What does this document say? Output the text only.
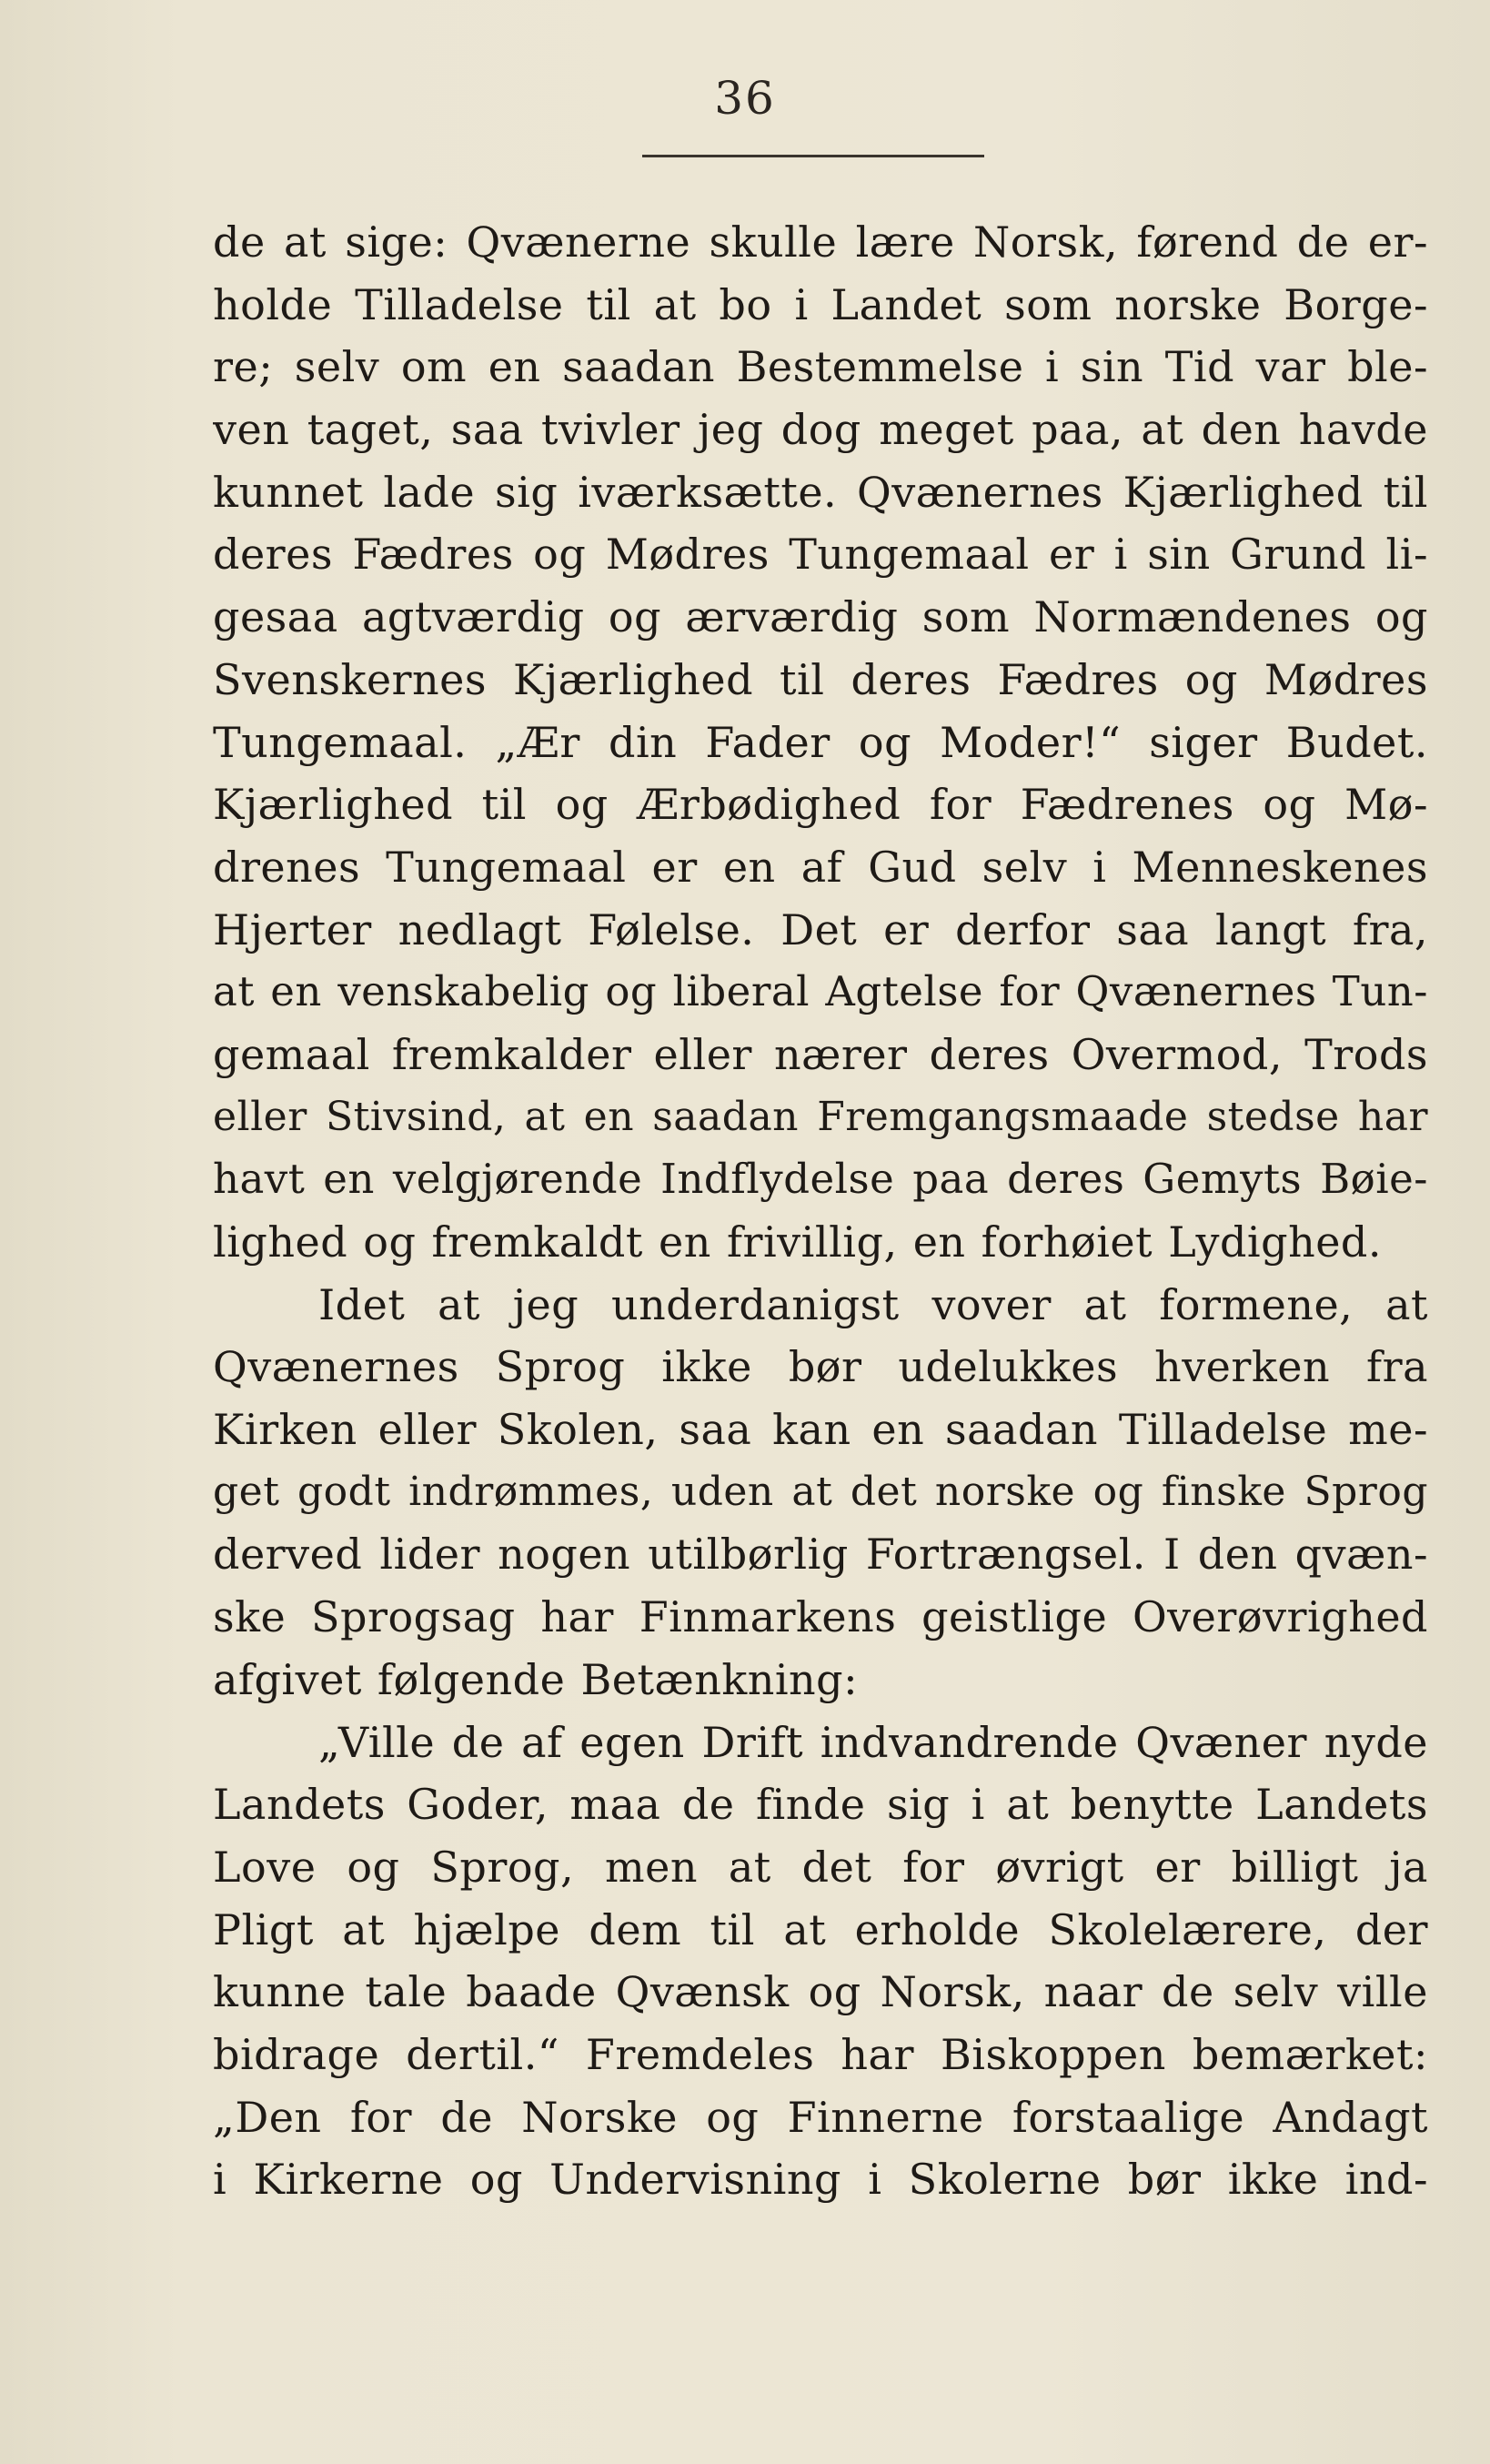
36
de at sige: Qvænerne skulle lære Norsk, førend de er-
holde Tilladelse til at bo i Landet som norske Borge-
re; selv om en saadan Bestemmelse i sin Tid var ble-
ven taget, saa tvivler jeg dog meget paa, at den havde
kunnet lade sig iværksætte. Qvænernes Kjærlighed til
deres Fædres og Mødres Tungemaal er i sin Grund li-
gesaa agtværdig og ærværdig som Normændenes og
Svenskernes Kjærlighed til deres Fædres og Mødres
Tungemaal. „Ær din Fader og Moder!“ siger Budet.
Kjærlighed til og Ærbødighed for Fædrenes og Mø-
drenes Tungemaal er en af Gud selv i Menneskenes
Hjerter nedlagt Følelse. Det er derfor saa langt fra,
at en venskabelig og liberal Agtelse for Qvænernes Tun-
gemaal fremkalder eller nærer deres Overmod, Trods
eller Stivsind, at en saadan Fremgangsmaade stedse har
havt en velgjørende Indflydelse paa deres Gemyts Bøie-
lighed og fremkaldt en frivillig, en forhøiet Lydighed.
Idet at jeg underdanigst vover at formene, at
Qvænernes Sprog ikke bør udelukkes hverken fra
Kirken eller Skolen, saa kan en saadan Tilladelse me-
get godt indrømmes, uden at det norske og finske Sprog
derved lider nogen utilbørlig Fortrængsel. I den qvæn-
ske Sprogsag har Finmarkens geistlige Overøvrighed
afgivet følgende Betænkning:
„Ville de af egen Drift indvandrende Qvæner nyde
Landets Goder, maa de finde sig i at benytte Landets
Love og Sprog, men at det for øvrigt er billigt ja
Pligt at hjælpe dem til at erholde Skolelærere, der
kunne tale baade Qvænsk og Norsk, naar de selv ville
bidrage dertil.“ Fremdeles har Biskoppen bemærket:
„Den for de Norske og Finnerne forstaalige Andagt
i Kirkerne og Undervisning i Skolerne bør ikke ind-
